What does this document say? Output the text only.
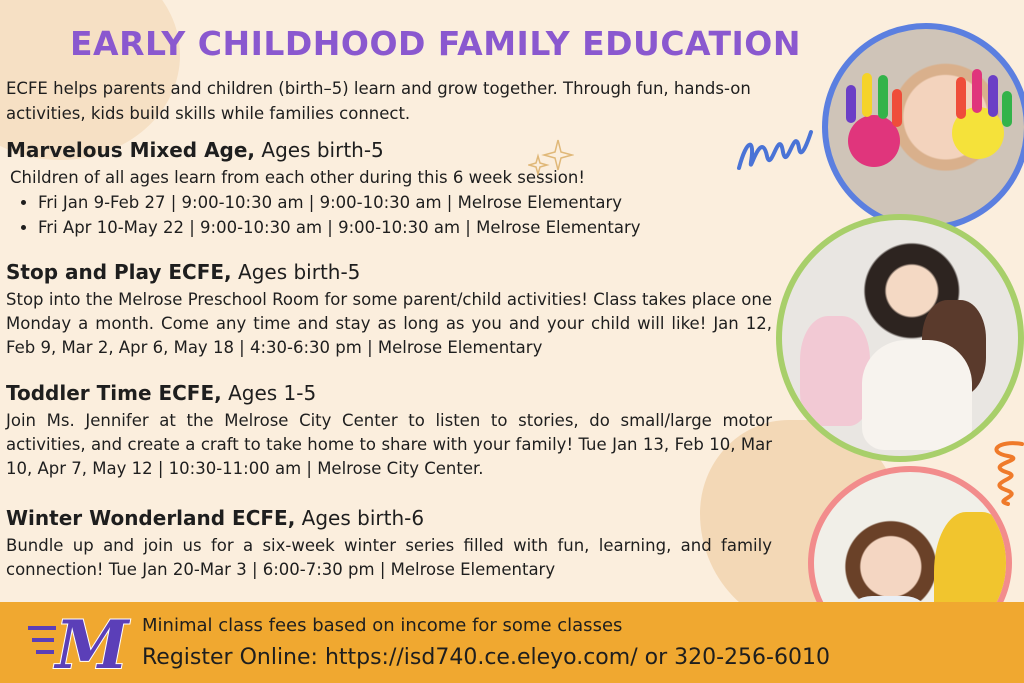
EARLY CHILDHOOD FAMILY EDUCATION
ECFE helps parents and children (birth–5) learn and grow together. Through fun, hands-on activities, kids build skills while families connect.

Marvelous Mixed Age, Ages birth-5

Children of all ages learn from each other during this 6 week session!

• Fri Jan 9-Feb 27 | 9:00-10:30 am | 9:00-10:30 am | Melrose Elementary
• Fri Apr 10-May 22 | 9:00-10:30 am | 9:00-10:30 am | Melrose Elementary

Stop and Play ECFE, Ages birth-5

Stop into the Melrose Preschool Room for some parent/child activities! Class takes place one Monday a month. Come any time and stay as long as you and your child will like! Jan 12, Feb 9, Mar 2, Apr 6, May 18 | 4:30-6:30 pm | Melrose Elementary

Toddler Time ECFE, Ages 1-5

Join Ms. Jennifer at the Melrose City Center to listen to stories, do small/large motor activities, and create a craft to take home to share with your family! Tue Jan 13, Feb 10, Mar 10, Apr 7, May 12 | 10:30-11:00 am | Melrose City Center.

Winter Wonderland ECFE, Ages birth-6

Bundle up and join us for a six-week winter series filled with fun, learning, and family connection! Tue Jan 20-Mar 3 | 6:00-7:30 pm | Melrose Elementary

Minimal class fees based on income for some classes
Register Online: https://isd740.ce.eleyo.com/ or 320-256-6010
M
